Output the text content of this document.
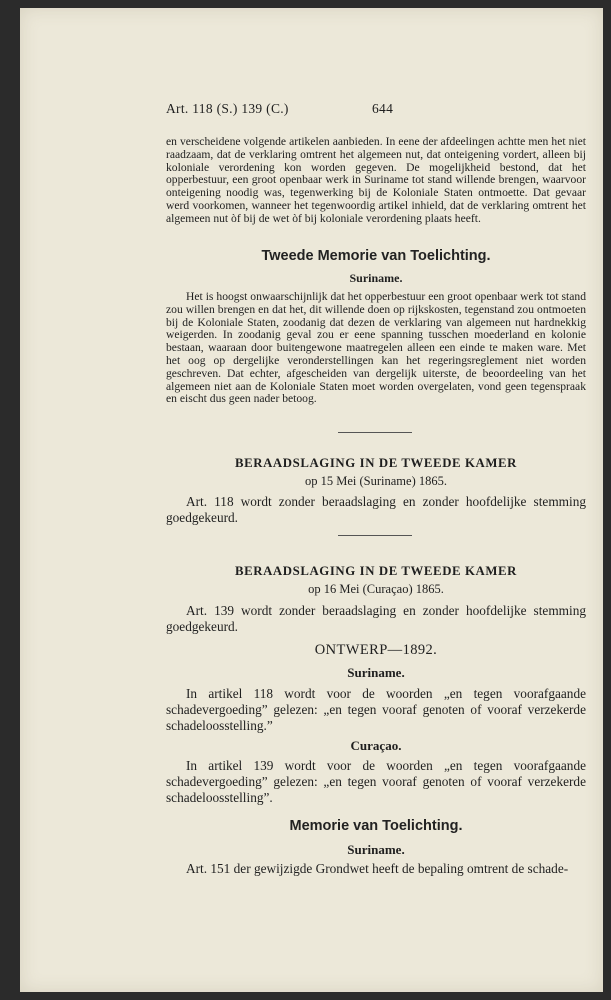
Art. 118 (S.) 139 (C.)	644

en verscheidene volgende artikelen aanbieden. In eene der afdeelingen achtte men het niet raadzaam, dat de verklaring omtrent het algemeen nut, dat onteigening vordert, alleen bij koloniale verordening kon worden gegeven. De mogelijkheid bestond, dat het opperbestuur, een groot openbaar werk in Suriname tot stand willende brengen, waarvoor onteigening noodig was, tegenwerking bij de Koloniale Staten ontmoette. Dat gevaar werd voorkomen, wanneer het tegenwoordig artikel inhield, dat de verklaring omtrent het algemeen nut òf bij de wet òf bij koloniale verordening plaats heeft.

Tweede Memorie van Toelichting.
Suriname.

Het is hoogst onwaarschijnlijk dat het opperbestuur een groot openbaar werk tot stand zou willen brengen en dat het, dit willende doen op rijkskosten, tegenstand zou ontmoeten bij de Koloniale Staten, zoodanig dat dezen de verklaring van algemeen nut hardnekkig weigerden. In zoodanig geval zou er eene spanning tusschen moederland en kolonie bestaan, waaraan door buitengewone maatregelen alleen een einde te maken ware. Met het oog op dergelijke veronderstellingen kan het regeringsreglement niet worden geschreven. Dat echter, afgescheiden van dergelijk uiterste, de beoordeeling van het algemeen niet aan de Koloniale Staten moet worden overgelaten, vond geen tegenspraak en eischt dus geen nader betoog.

BERAADSLAGING IN DE TWEEDE KAMER
op 15 Mei (Suriname) 1865.

Art. 118 wordt zonder beraadslaging en zonder hoofdelijke stemming goedgekeurd.

BERAADSLAGING IN DE TWEEDE KAMER
op 16 Mei (Curaçao) 1865.

Art. 139 wordt zonder beraadslaging en zonder hoofdelijke stemming goedgekeurd.

ONTWERP—1892.
Suriname.

In artikel 118 wordt voor de woorden „en tegen voorafgaande schadevergoeding” gelezen: „en tegen vooraf genoten of vooraf verzekerde schadeloosstelling.”

Curaçao.

In artikel 139 wordt voor de woorden „en tegen voorafgaande schadevergoeding” gelezen: „en tegen vooraf genoten of vooraf verzekerde schadeloosstelling”.

Memorie van Toelichting.
Suriname.

Art. 151 der gewijzigde Grondwet heeft de bepaling omtrent de schade-
